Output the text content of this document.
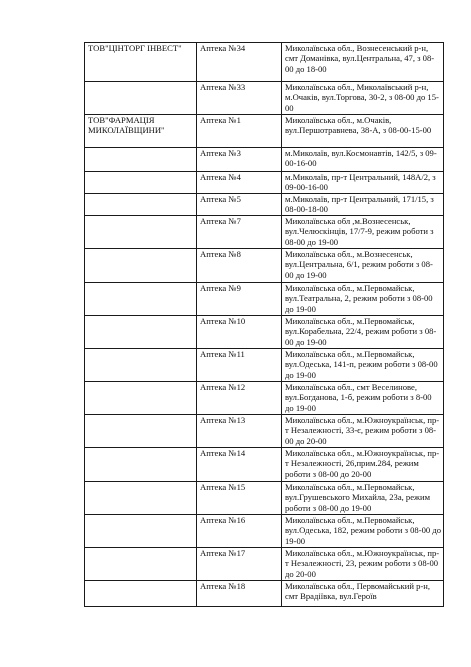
ТОВ"ЦІНТОРГ ІНВЕСТ"	Аптека №34	Миколаївська обл., Вознесенський р-н, смт Доманівка, вул.Центральна, 47, з 08-00 до 18-00
	Аптека №33	Миколаївська обл., Миколаївський р-н, м.Очаків, вул.Торгова, 30-2, з 08-00 до 15-00
ТОВ"ФАРМАЦІЯ МИКОЛАЇВЩИНИ"	Аптека №1	Миколаївська обл., м.Очаків, вул.Першотравнева, 38-А, з 08-00-15-00
	Аптека №3	м.Миколаїв, вул.Космонавтів, 142/5, з 09-00-16-00
	Аптека №4	м.Миколаїв, пр-т Центральний, 148А/2, з 09-00-16-00
	Аптека №5	м.Миколаїв, пр-т Центральний, 171/15, з 08-00-18-00
	Аптека №7	Миколаївська обл ,м.Вознесенськ, вул.Челюскінців, 17/7-9, режим роботи з 08-00 до 19-00
	Аптека №8	Миколаївська обл., м.Вознесенськ, вул.Центральна, 6/1, режим роботи з 08-00 до 19-00
	Аптека №9	Миколаївська обл., м.Первомайськ, вул.Театральна, 2, режим роботи з 08-00 до 19-00
	Аптека №10	Миколаївська обл., м.Первомайськ, вул.Корабельна, 22/4, режим роботи з 08-00 до 19-00
	Аптека №11	Миколаївська обл., м.Первомайськ, вул.Одеська, 141-п, режим роботи з 08-00 до 19-00
	Аптека №12	Миколаївська обл., смт Веселинове, вул.Богданова, 1-б, режим роботи з 8-00 до 19-00
	Аптека №13	Миколаївська обл., м.Южноукраїнськ, пр-т Незалежності, 33-є, режим роботи з 08-00 до 20-00
	Аптека №14	Миколаївська обл., м.Южноукраїнськ, пр-т Незалежності, 26,прим.284, режим роботи з 08-00 до 20-00
	Аптека №15	Миколаївська обл., м.Первомайськ, вул.Грушевського Михайла, 23а, режим роботи з 08-00 до 19-00
	Аптека №16	Миколаївська обл., м.Первомайськ, вул.Одеська, 182, режим роботи з 08-00 до 19-00
	Аптека №17	Миколаївська обл., м.Южноукраїнськ, пр-т Незалежності, 23, режим роботи з 08-00 до 20-00
	Аптека №18	Миколаївська обл., Первомайський р-н, смт Врадіївка, вул.Героїв
